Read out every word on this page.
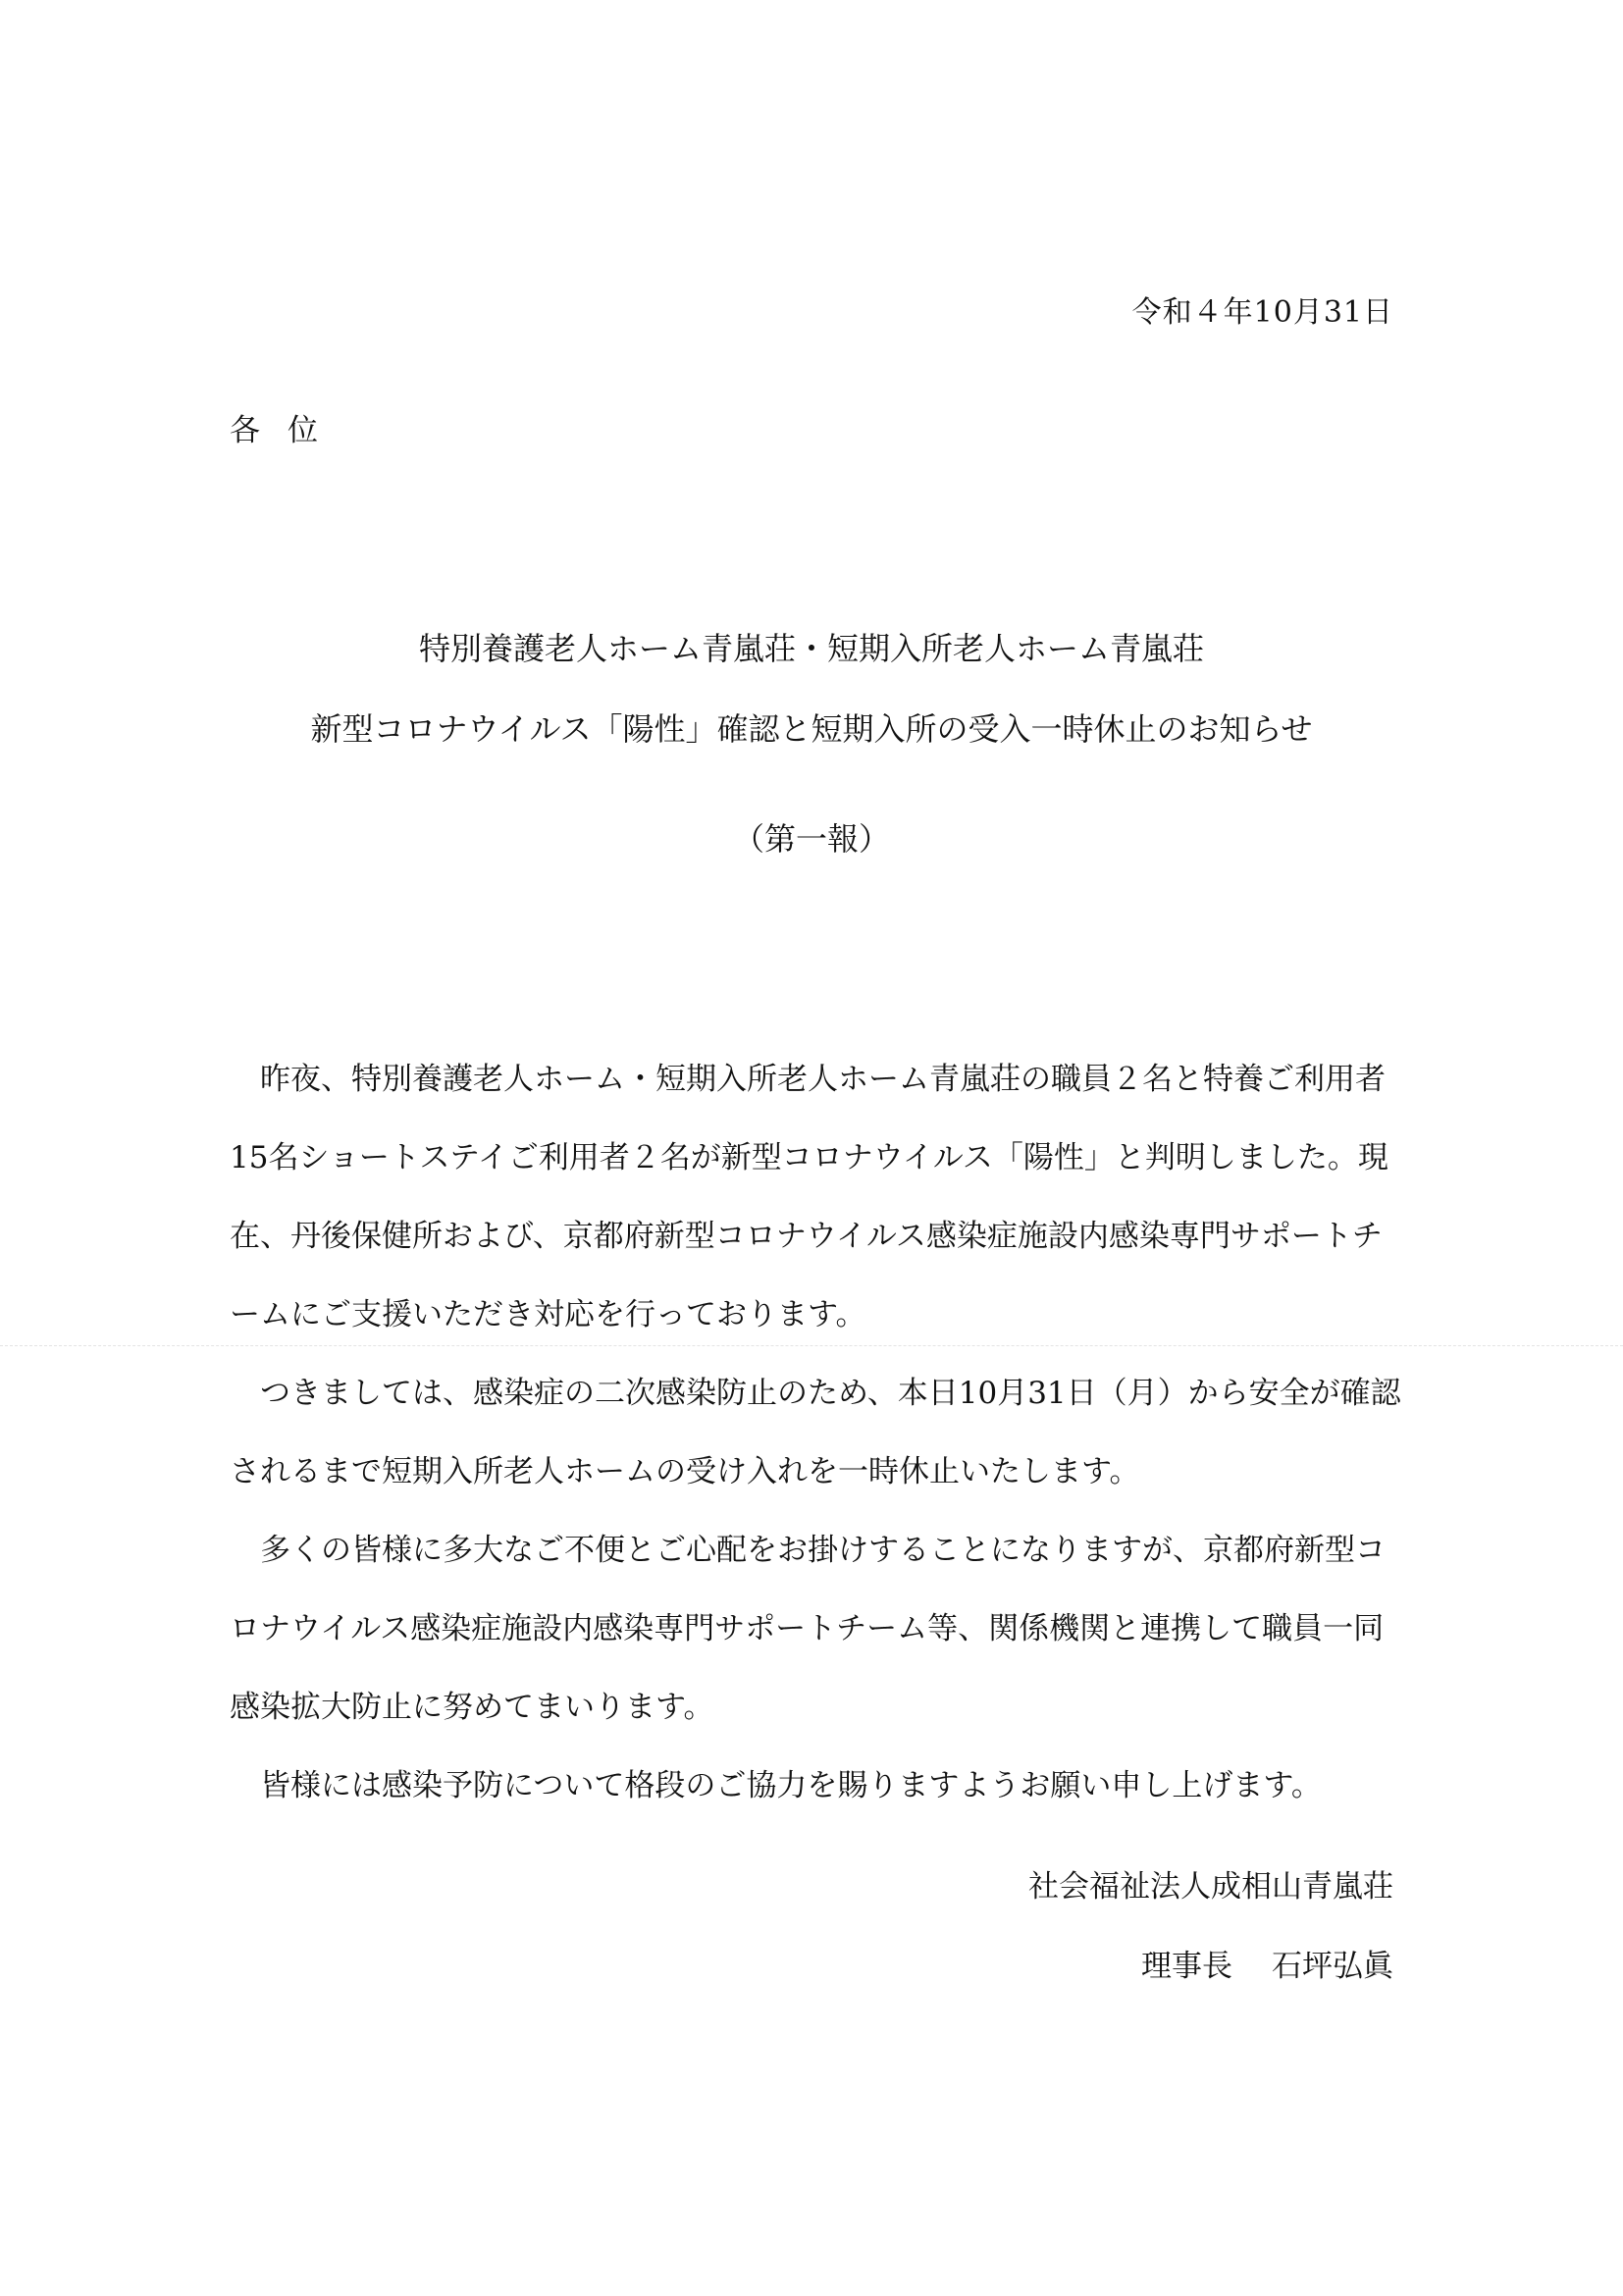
令和４年10月31日
各位
特別養護老人ホーム青嵐荘・短期入所老人ホーム青嵐荘
新型コロナウイルス「陽性」確認と短期入所の受入一時休止のお知らせ
（第一報）

昨夜、特別養護老人ホーム・短期入所老人ホーム青嵐荘の職員２名と特養ご利用者15名ショートステイご利用者２名が新型コロナウイルス「陽性」と判明しました。現在、丹後保健所および、京都府新型コロナウイルス感染症施設内感染専門サポートチームにご支援いただき対応を行っております。

つきましては、感染症の二次感染防止のため、本日10月31日（月）から安全が確認されるまで短期入所老人ホームの受け入れを一時休止いたします。

多くの皆様に多大なご不便とご心配をお掛けすることになりますが、京都府新型コロナウイルス感染症施設内感染専門サポートチーム等、関係機関と連携して職員一同感染拡大防止に努めてまいります。

皆様には感染予防について格段のご協力を賜りますようお願い申し上げます。

社会福祉法人成相山青嵐荘
理事長 石坪弘眞
